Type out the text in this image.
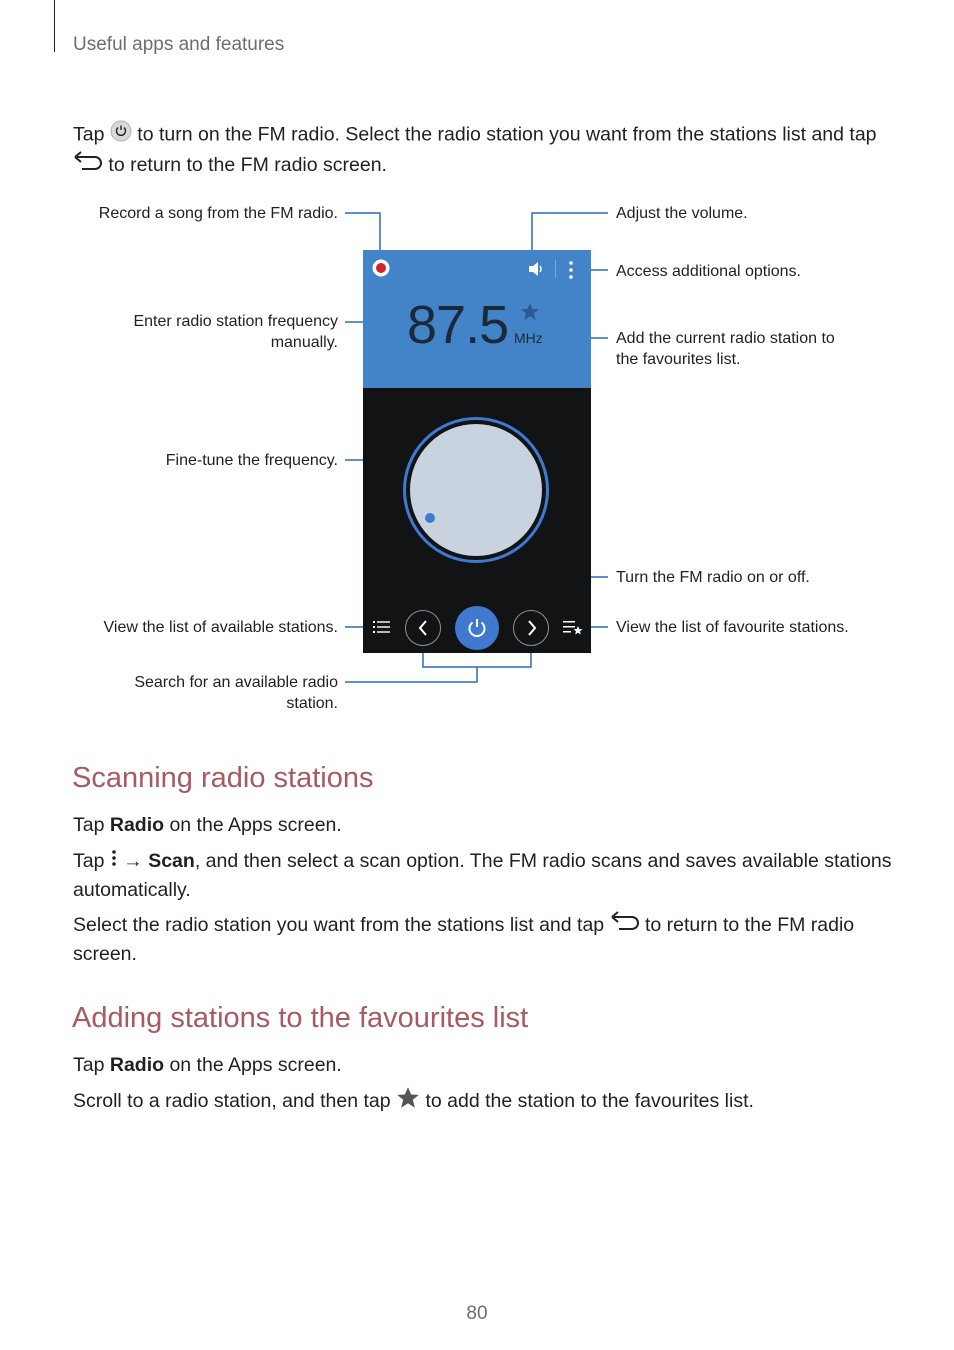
Useful apps and features
Tap  to turn on the FM radio. Select the radio station you want from the stations list and tap
to return to the FM radio screen.
87.5 MHz
Record a song from the FM radio.	Adjust the volume.
Access additional options.
Enter radio station frequency
manually.	Add the current radio station to
the favourites list.
Fine-tune the frequency.
Turn the FM radio on or off.
View the list of available stations.	View the list of favourite stations.
Search for an available radio
station.
Scanning radio stations
Tap Radio on the Apps screen.
Tap  → Scan, and then select a scan option. The FM radio scans and saves available stations automatically.
Select the radio station you want from the stations list and tap  to return to the FM radio screen.
Adding stations to the favourites list
Tap Radio on the Apps screen.
Scroll to a radio station, and then tap  to add the station to the favourites list.
80
